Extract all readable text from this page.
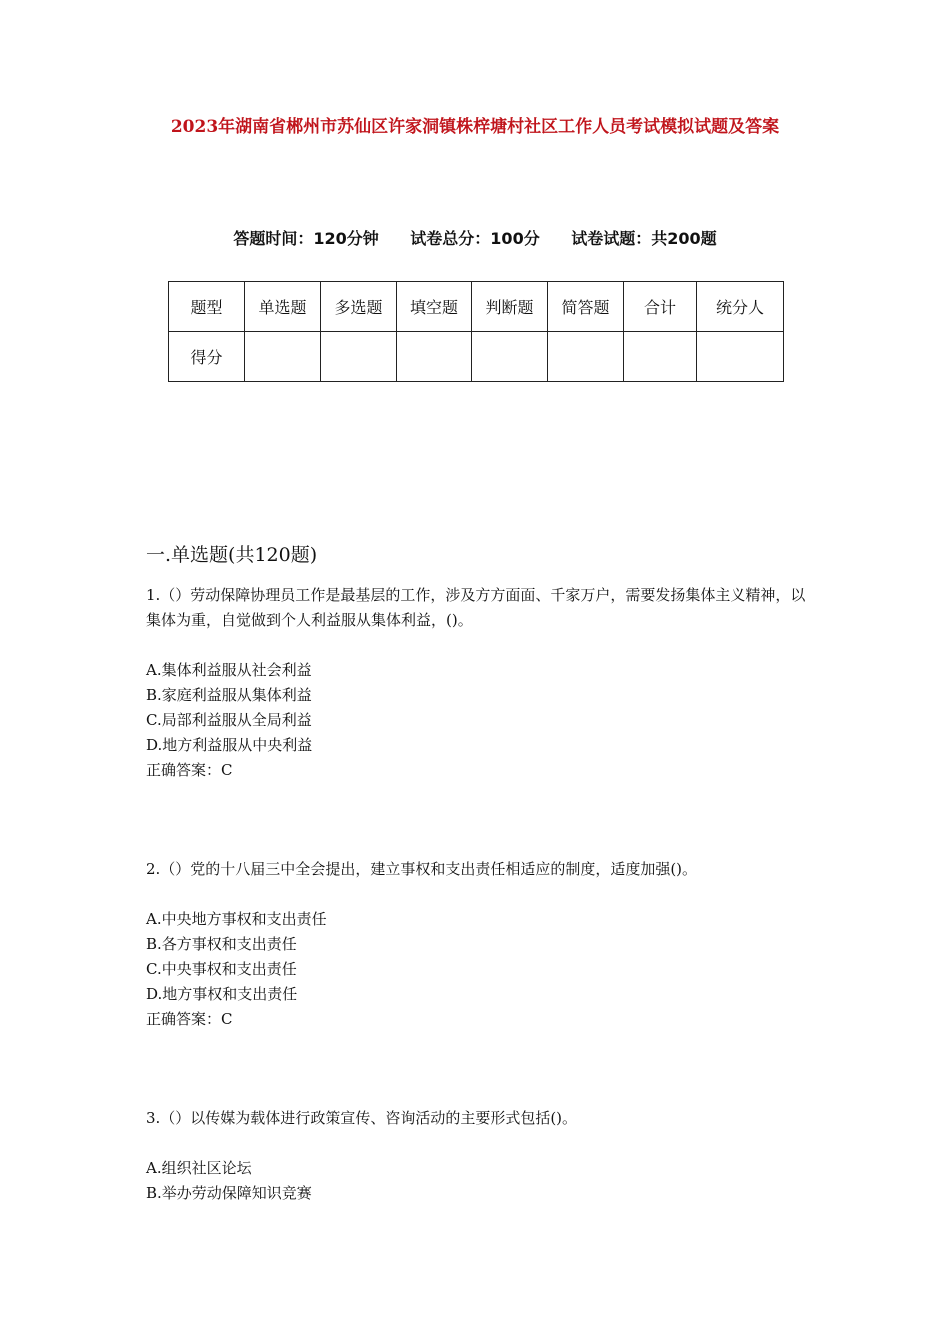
2023年湖南省郴州市苏仙区许家洞镇株梓塘村社区工作人员考试模拟试题及答案
答题时间：120分钟 试卷总分：100分 试卷试题：共200题
题型	单选题	多选题	填空题	判断题	简答题	合计	统分人
得分							
一.单选题(共120题)

1.（）劳动保障协理员工作是最基层的工作，涉及方方面面、千家万户，需要发扬集体主义精神，以集体为重，自觉做到个人利益服从集体利益，()。

A.集体利益服从社会利益

B.家庭利益服从集体利益

C.局部利益服从全局利益

D.地方利益服从中央利益

正确答案：C

2.（）党的十八届三中全会提出，建立事权和支出责任相适应的制度，适度加强()。

A.中央地方事权和支出责任

B.各方事权和支出责任

C.中央事权和支出责任

D.地方事权和支出责任

正确答案：C

3.（）以传媒为载体进行政策宣传、咨询活动的主要形式包括()。

A.组织社区论坛

B.举办劳动保障知识竞赛
